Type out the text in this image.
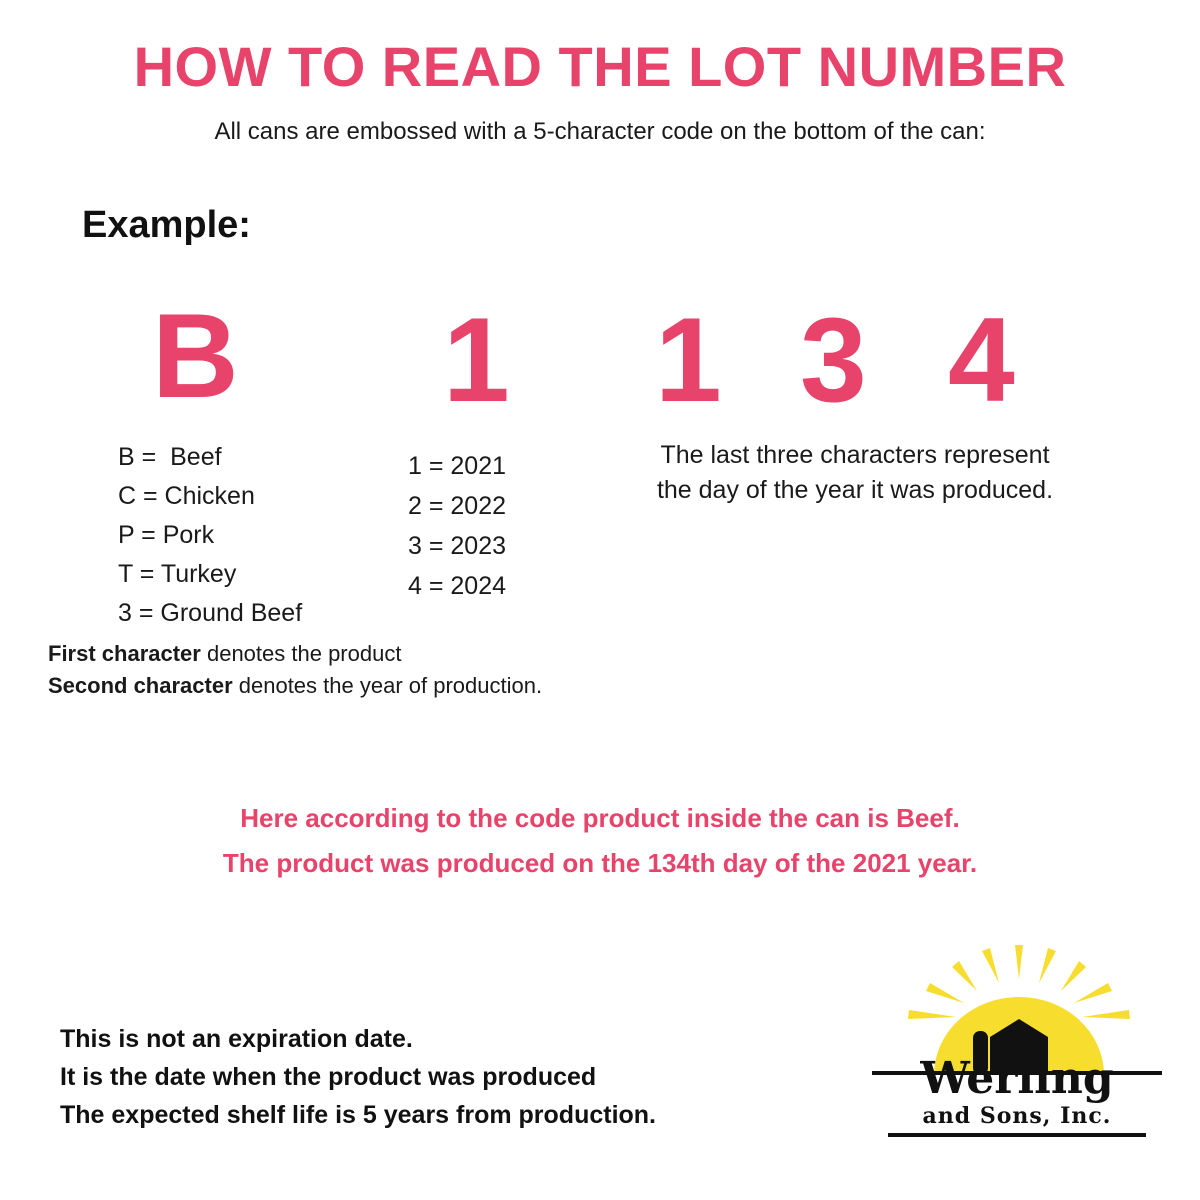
HOW TO READ THE LOT NUMBER
All cans are embossed with a 5-character code on the bottom of the can:
Example:
B 1 1 3 4
B =  Beef
C = Chicken
P = Pork
T = Turkey
3 = Ground Beef
1 = 2021
2 = 2022
3 = 2023
4 = 2024
The last three characters represent the day of the year it was produced.
First character denotes the product
Second character denotes the year of production.
Here according to the code product inside the can is Beef.
The product was produced on the 134th day of the 2021 year.
This is not an expiration date.
It is the date when the product was produced
The expected shelf life is 5 years from production.
Werling
and Sons, Inc.
